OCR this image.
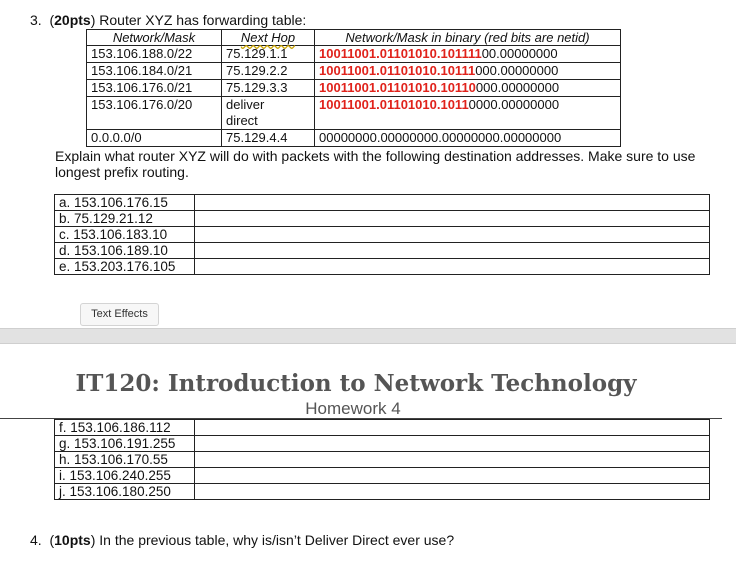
3.  (20pts) Router XYZ has forwarding table:
Network/Mask	Next Hop	Network/Mask in binary (red bits are netid)
153.106.188.0/22	75.129.1.1	10011001.01101010.10111100.00000000
153.106.184.0/21	75.129.2.2	10011001.01101010.10111000.00000000
153.106.176.0/21	75.129.3.3	10011001.01101010.10110000.00000000
153.106.176.0/20	deliver	10011001.01101010.10110000.00000000
	direct	
0.0.0.0/0	75.129.4.4	00000000.00000000.00000000.00000000
Explain what router XYZ will do with packets with the following destination addresses. Make sure to use longest prefix routing.
a. 153.106.176.15	
b. 75.129.21.12	
c. 153.106.183.10	
d. 153.106.189.10	
e. 153.203.176.105	
Text Effects
IT120: Introduction to Network Technology
Homework 4
f. 153.106.186.112	
g. 153.106.191.255	
h. 153.106.170.55	
i. 153.106.240.255	
j. 153.106.180.250	
4.  (10pts) In the previous table, why is/isn’t Deliver Direct ever use?
